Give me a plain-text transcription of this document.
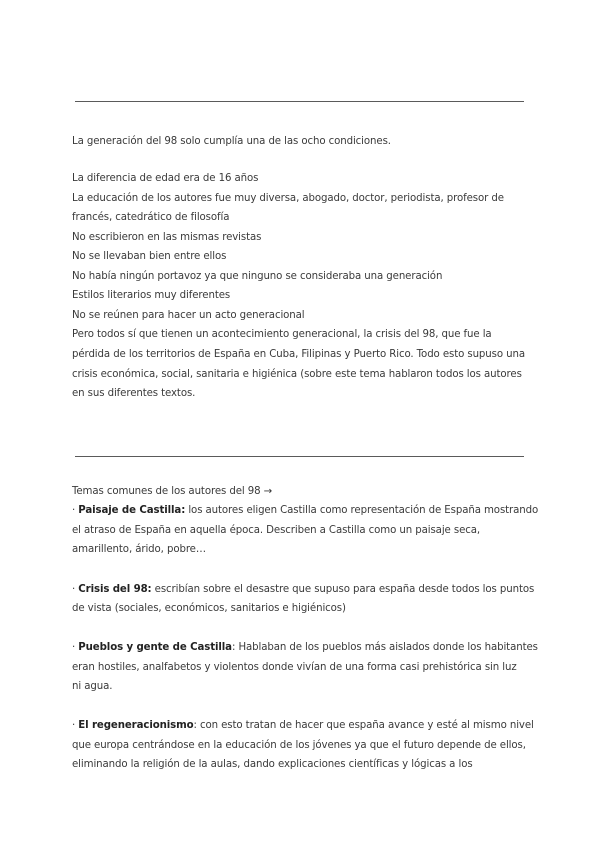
La generación del 98 solo cumplía una de las ocho condiciones.
La diferencia de edad era de 16 años
La educación de los autores fue muy diversa, abogado, doctor, periodista, profesor de
francés, catedrático de filosofía
No escribieron en las mismas revistas
No se llevaban bien entre ellos
No había ningún portavoz ya que ninguno se consideraba una generación
Estilos literarios muy diferentes
No se reúnen para hacer un acto generacional
Pero todos sí que tienen un acontecimiento generacional, la crisis del 98, que fue la
pérdida de los territorios de España en Cuba, Filipinas y Puerto Rico. Todo esto supuso una
crisis económica, social, sanitaria e higiénica (sobre este tema hablaron todos los autores
en sus diferentes textos.
Temas comunes de los autores del 98 →
· Paisaje de Castilla: los autores eligen Castilla como representación de España mostrando
el atraso de España en aquella época. Describen a Castilla como un paisaje seca,
amarillento, árido, pobre…
· Crisis del 98: escribían sobre el desastre que supuso para españa desde todos los puntos
de vista (sociales, económicos, sanitarios e higiénicos)
· Pueblos y gente de Castilla: Hablaban de los pueblos más aislados donde los habitantes
eran hostiles, analfabetos y violentos donde vivían de una forma casi prehistórica sin luz
ni agua.
· El regeneracionismo: con esto tratan de hacer que españa avance y esté al mismo nivel
que europa centrándose en la educación de los jóvenes ya que el futuro depende de ellos,
eliminando la religión de la aulas, dando explicaciones científicas y lógicas a los
